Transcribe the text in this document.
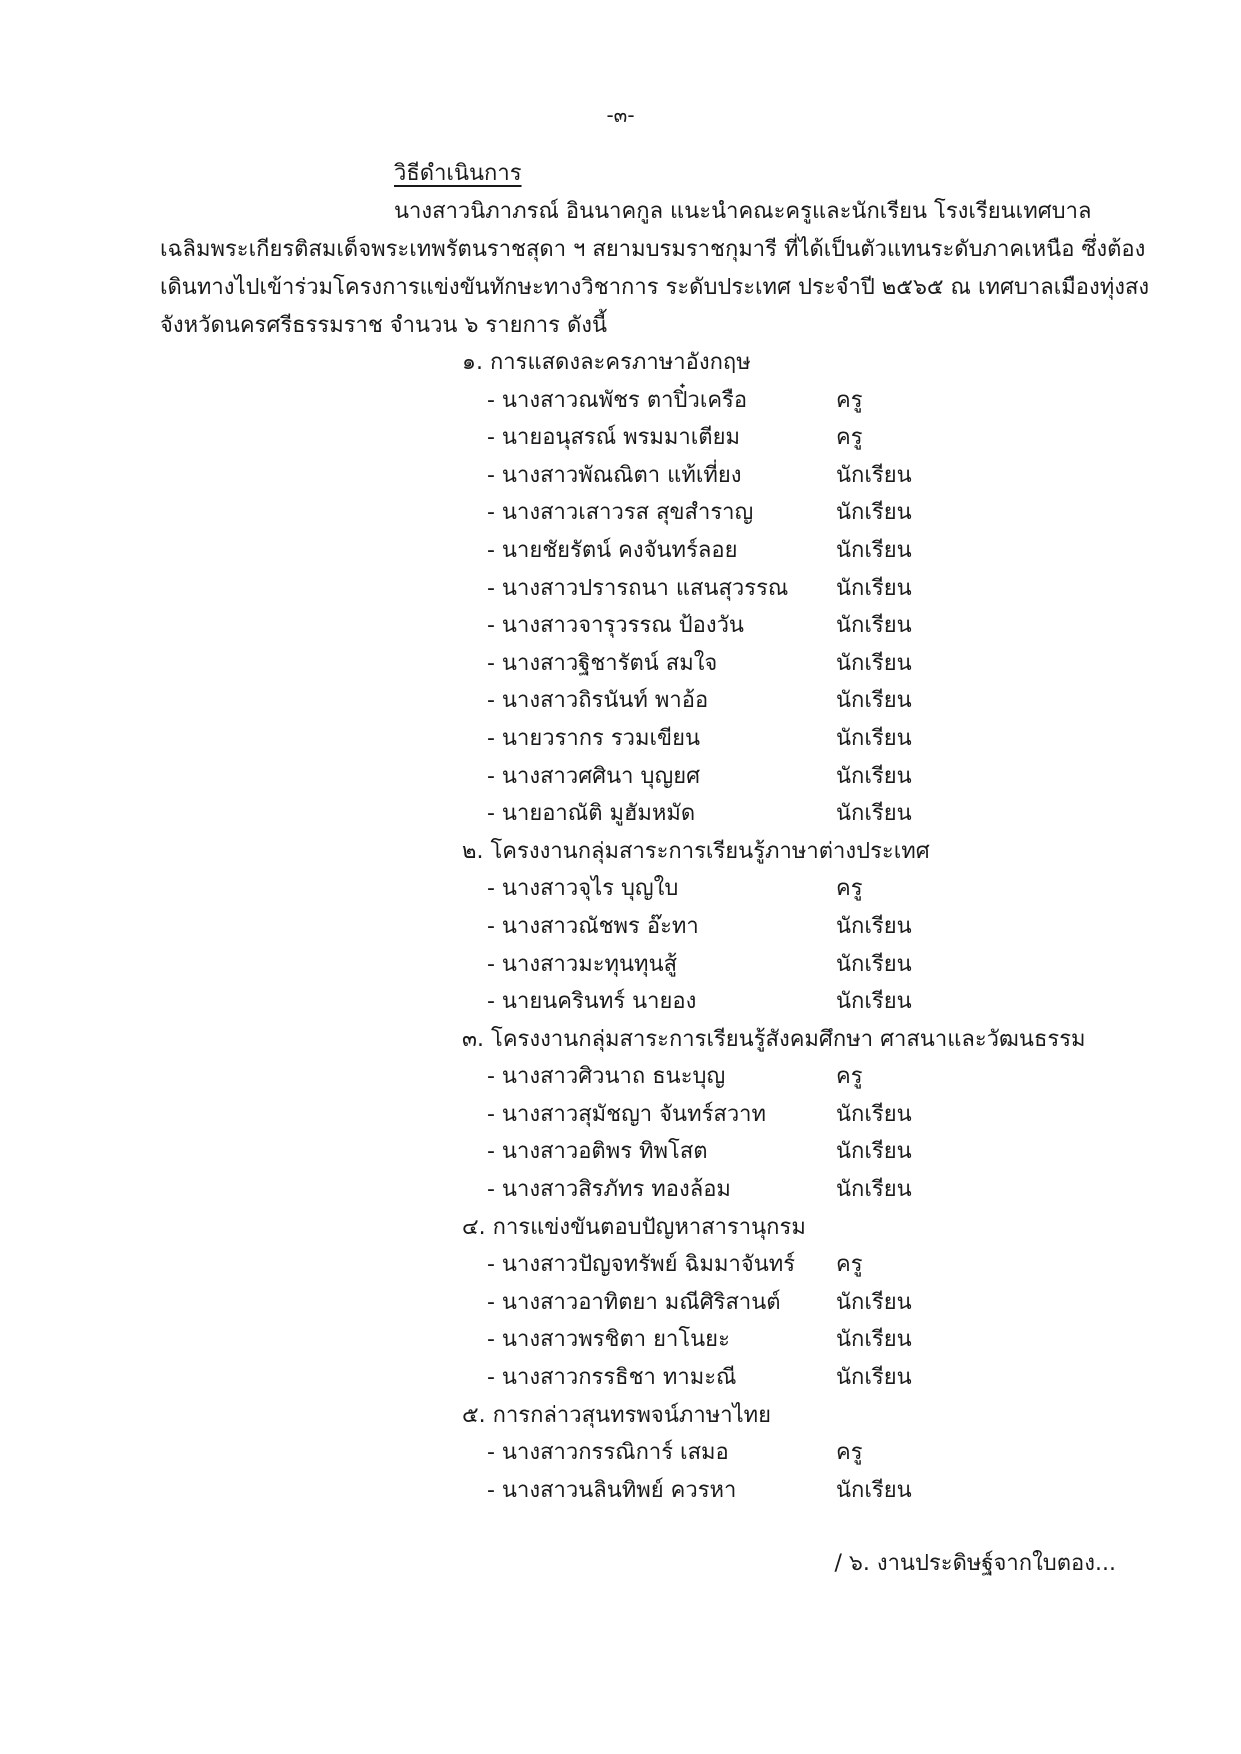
-๓-
วิธีดำเนินการ
นางสาวนิภาภรณ์ อินนาคกูล แนะนำคณะครูและนักเรียน โรงเรียนเทศบาล
เฉลิมพระเกียรติสมเด็จพระเทพรัตนราชสุดา ฯ สยามบรมราชกุมารี ที่ได้เป็นตัวแทนระดับภาคเหนือ ซึ่งต้อง
เดินทางไปเข้าร่วมโครงการแข่งขันทักษะทางวิชาการ ระดับประเทศ ประจำปี ๒๕๖๕ ณ เทศบาลเมืองทุ่งสง
จังหวัดนครศรีธรรมราช จำนวน ๖ รายการ ดังนี้
๑. การแสดงละครภาษาอังกฤษ
- นางสาวณพัชร ตาปิ๋วเครือ	ครู
- นายอนุสรณ์ พรมมาเตียม	ครู
- นางสาวพัณณิตา แท้เที่ยง	นักเรียน
- นางสาวเสาวรส สุขสำราญ	นักเรียน
- นายชัยรัตน์ คงจันทร์ลอย	นักเรียน
- นางสาวปรารถนา แสนสุวรรณ นักเรียน
- นางสาวจารุวรรณ ป้องวัน	นักเรียน
- นางสาวฐิชารัตน์ สมใจ	นักเรียน
- นางสาวถิรนันท์ พาอ้อ	นักเรียน
- นายวรากร รวมเขียน	นักเรียน
- นางสาวศศินา บุญยศ	นักเรียน
- นายอาณัติ มูฮัมหมัด	นักเรียน
๒. โครงงานกลุ่มสาระการเรียนรู้ภาษาต่างประเทศ
- นางสาวจุไร บุญใบ	ครู
- นางสาวณัชพร อ๊ะทา	นักเรียน
- นางสาวมะทุนทุนสู้	นักเรียน
- นายนครินทร์ นายอง	นักเรียน
๓. โครงงานกลุ่มสาระการเรียนรู้สังคมศึกษา ศาสนาและวัฒนธรรม
- นางสาวศิวนาถ ธนะบุญ	ครู
- นางสาวสุมัชญา จันทร์สวาท	นักเรียน
- นางสาวอติพร ทิพโสต	นักเรียน
- นางสาวสิรภัทร ทองล้อม	นักเรียน
๔. การแข่งขันตอบปัญหาสารานุกรม
- นางสาวปัญจทรัพย์ ฉิมมาจันทร์ ครู
- นางสาวอาทิตยา มณีศิริสานต์	นักเรียน
- นางสาวพรชิตา ยาโนยะ	นักเรียน
- นางสาวกรรธิชา ทามะณี	นักเรียน
๕. การกล่าวสุนทรพจน์ภาษาไทย
- นางสาวกรรณิการ์ เสมอ	ครู
- นางสาวนลินทิพย์ ควรหา	นักเรียน
/ ๖. งานประดิษฐ์จากใบตอง...
